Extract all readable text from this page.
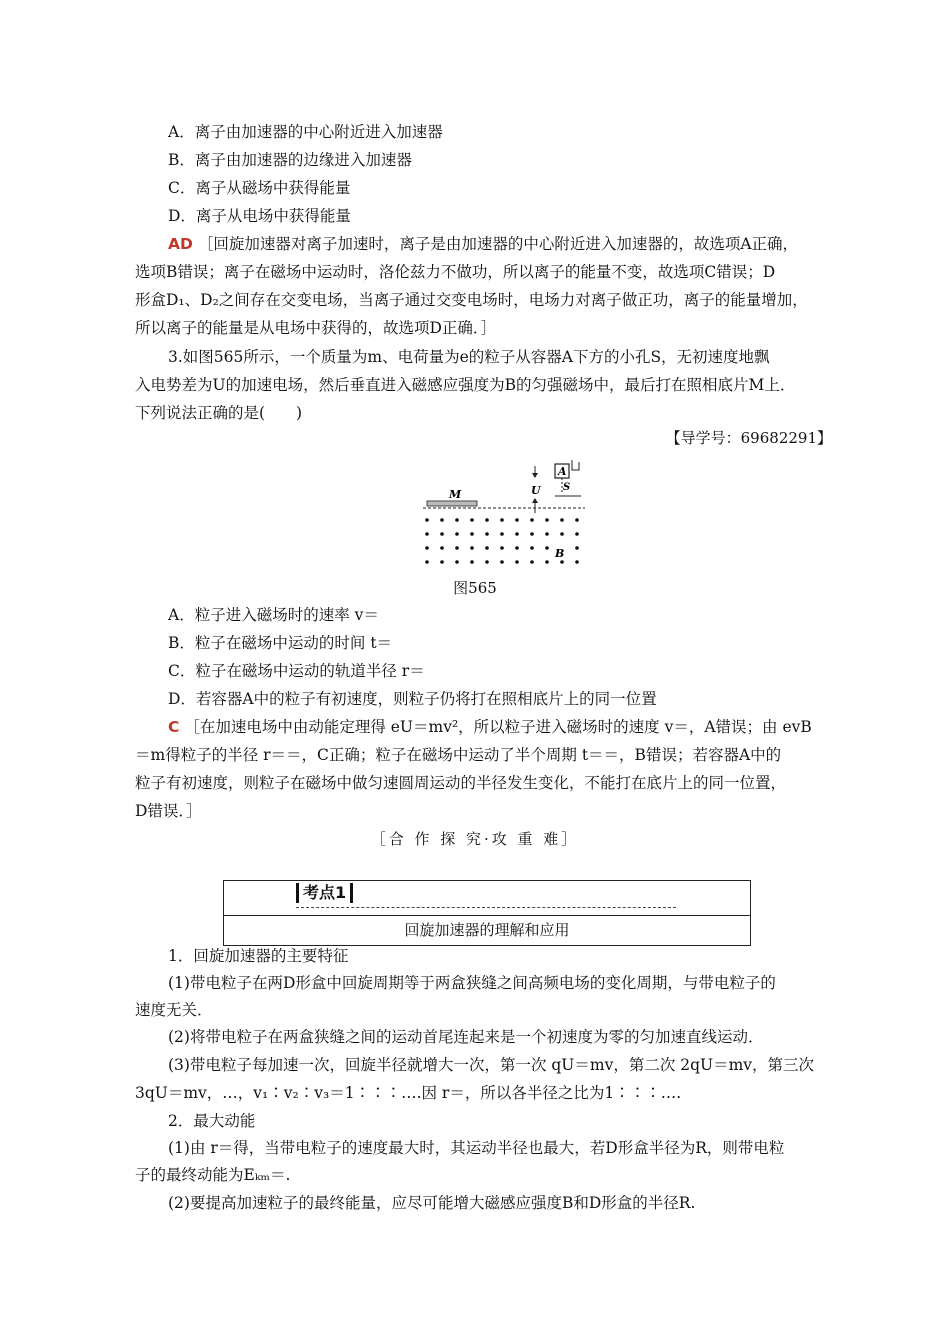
A．离子由加速器的中心附近进入加速器
B．离子由加速器的边缘进入加速器
C．离子从磁场中获得能量
D．离子从电场中获得能量
AD ［回旋加速器对离子加速时，离子是由加速器的中心附近进入加速器的，故选项A正确，
选项B错误；离子在磁场中运动时，洛伦兹力不做功，所以离子的能量不变，故选项C错误；D
形盒D₁、D₂之间存在交变电场，当离子通过交变电场时，电场力对离子做正功，离子的能量增加，
所以离子的能量是从电场中获得的，故选项D正确．］
3.如图565所示，一个质量为m、电荷量为e的粒子从容器A下方的小孔S，无初速度地飘
入电势差为U的加速电场，然后垂直进入磁感应强度为B的匀强磁场中，最后打在照相底片M上．
下列说法正确的是(　　)
【导学号：69682291】
M
A
S
U
B
图565
A．粒子进入磁场时的速率 v＝
B．粒子在磁场中运动的时间 t＝
C．粒子在磁场中运动的轨道半径 r＝
D．若容器A中的粒子有初速度，则粒子仍将打在照相底片上的同一位置
C ［在加速电场中由动能定理得 eU＝mv²，所以粒子进入磁场时的速度 v＝，A错误；由 evB
＝m得粒子的半径 r＝＝，C正确；粒子在磁场中运动了半个周期 t＝＝，B错误；若容器A中的
粒子有初速度，则粒子在磁场中做匀速圆周运动的半径发生变化，不能打在底片上的同一位置，
D错误．］
［合 作 探 究·攻 重 难］
考点1
回旋加速器的理解和应用
1．回旋加速器的主要特征
(1)带电粒子在两D形盒中回旋周期等于两盒狭缝之间高频电场的变化周期，与带电粒子的
速度无关．
(2)将带电粒子在两盒狭缝之间的运动首尾连起来是一个初速度为零的匀加速直线运动．
(3)带电粒子每加速一次，回旋半径就增大一次，第一次 qU＝mv，第二次 2qU＝mv，第三次
3qU＝mv，…，v₁∶v₂∶v₃＝1∶∶∶….因 r＝，所以各半径之比为1∶∶∶….
2．最大动能
(1)由 r＝得，当带电粒子的速度最大时，其运动半径也最大，若D形盒半径为R，则带电粒
子的最终动能为Eₖₘ＝.
(2)要提高加速粒子的最终能量，应尽可能增大磁感应强度B和D形盒的半径R.
